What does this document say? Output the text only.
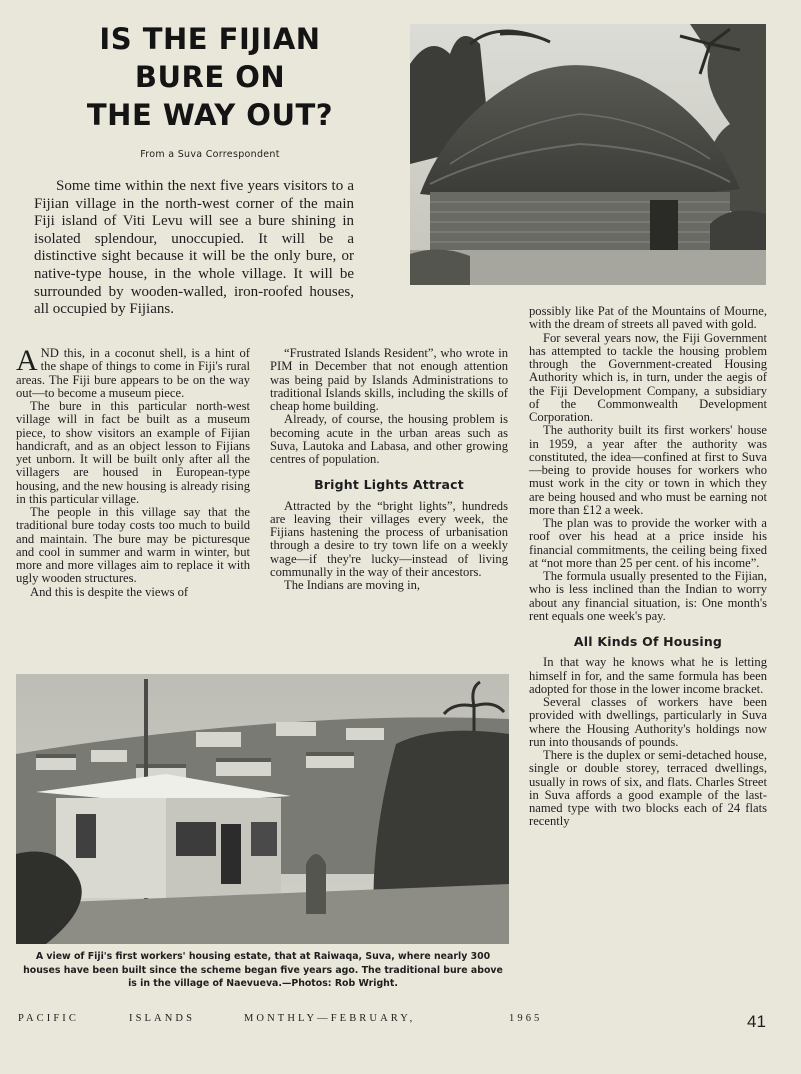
IS THE FIJIAN
BURE ON
THE WAY OUT?
From a Suva Correspondent

Some time within the next five years visitors to a Fijian village in the north-west corner of the main Fiji island of Viti Levu will see a bure shining in isolated splendour, unoccupied. It will be a distinctive sight because it will be the only bure, or native-type house, in the whole village. It will be surrounded by wooden-walled, iron-roofed houses, all occupied by Fijians.

AND this, in a coconut shell, is a hint of the shape of things to come in Fiji's rural areas. The Fiji bure appears to be on the way out—to become a museum piece.

The bure in this particular north-west village will in fact be built as a museum piece, to show visitors an example of Fijian handicraft, and as an object lesson to Fijians yet unborn. It will be built only after all the villagers are housed in European-type housing, and the new housing is already rising in this particular village.

The people in this village say that the traditional bure today costs too much to build and maintain. The bure may be picturesque and cool in summer and warm in winter, but more and more villages aim to replace it with ugly wooden structures.

And this is despite the views of

“Frustrated Islands Resident”, who wrote in PIM in December that not enough attention was being paid by Islands Administrations to traditional Islands skills, including the skills of cheap home building.

Already, of course, the housing problem is becoming acute in the urban areas such as Suva, Lautoka and Labasa, and other growing centres of population.

Bright Lights Attract

Attracted by the “bright lights”, hundreds are leaving their villages every week, the Fijians hastening the process of urbanisation through a desire to try town life on a weekly wage—if they're lucky—instead of living communally in the way of their ancestors.

The Indians are moving in,

possibly like Pat of the Mountains of Mourne, with the dream of streets all paved with gold.

For several years now, the Fiji Government has attempted to tackle the housing problem through the Government-created Housing Authority which is, in turn, under the aegis of the Fiji Development Company, a subsidiary of the Commonwealth Development Corporation.

The authority built its first workers' house in 1959, a year after the authority was constituted, the idea—confined at first to Suva—being to provide houses for workers who must work in the city or town in which they are being housed and who must be earning not more than £12 a week.

The plan was to provide the worker with a roof over his head at a price inside his financial commitments, the ceiling being fixed at “not more than 25 per cent. of his income”.

The formula usually presented to the Fijian, who is less inclined than the Indian to worry about any financial situation, is: One month's rent equals one week's pay.

All Kinds Of Housing

In that way he knows what he is letting himself in for, and the same formula has been adopted for those in the lower income bracket.

Several classes of workers have been provided with dwellings, particularly in Suva where the Housing Authority's holdings now run into thousands of pounds.

There is the duplex or semi-detached house, single or double storey, terraced dwellings, usually in rows of six, and flats. Charles Street in Suva affords a good example of the last-named type with two blocks each of 24 flats recently

A view of Fiji's first workers' housing estate, that at Raiwaqa, Suva, where nearly 300 houses have been built since the scheme began five years ago. The traditional bure above is in the village of Naevueva.—Photos: Rob Wright.

PACIFIC	ISLANDS	MONTHLY—FEBRUARY,	1965	41
